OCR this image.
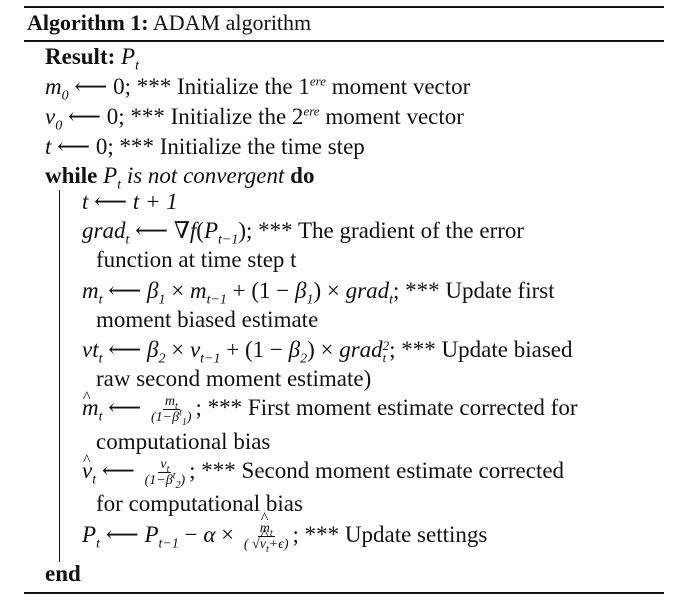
Algorithm 1: ADAM algorithm
Result: $P_t$
$m_0$ ⟵ 0; *** Initialize the 1ere moment vector
$v_0$ ⟵ 0; *** Initialize the 2ere moment vector
t ⟵ 0; *** Initialize the time step
while $P_t$ is not convergent do
t ⟵ t + 1
grad$_t$ ⟵ $\nabla f(P_{t-1})$; *** The gradient of the error
function at time step t
$m_t$ ⟵ $\beta_1 \times m_{t-1} + (1 - \beta_1)$ × grad$_t$; *** Update first
moment biased estimate
$vt_t$ ⟵ $\beta_2 \times v_{t-1} + (1 - \beta_2)$ × grad 2
t ; *** Update biased
raw second moment estimate)
^ $m_t$ ⟵ $\frac{m_t}{(1-\beta^t_1)}$ ; *** First moment estimate corrected for
computational bias
^ $v_t$ ⟵ $\frac{v_t}{(1-\beta^t_2)}$ ; *** Second moment estimate corrected
for computational bias
$P_t$ ⟵ $P_{t-1} - \alpha$ ×
^ $\frac{m_t}{( √\^{} v_t+\epsilon)}$ ; *** Update settings
end
